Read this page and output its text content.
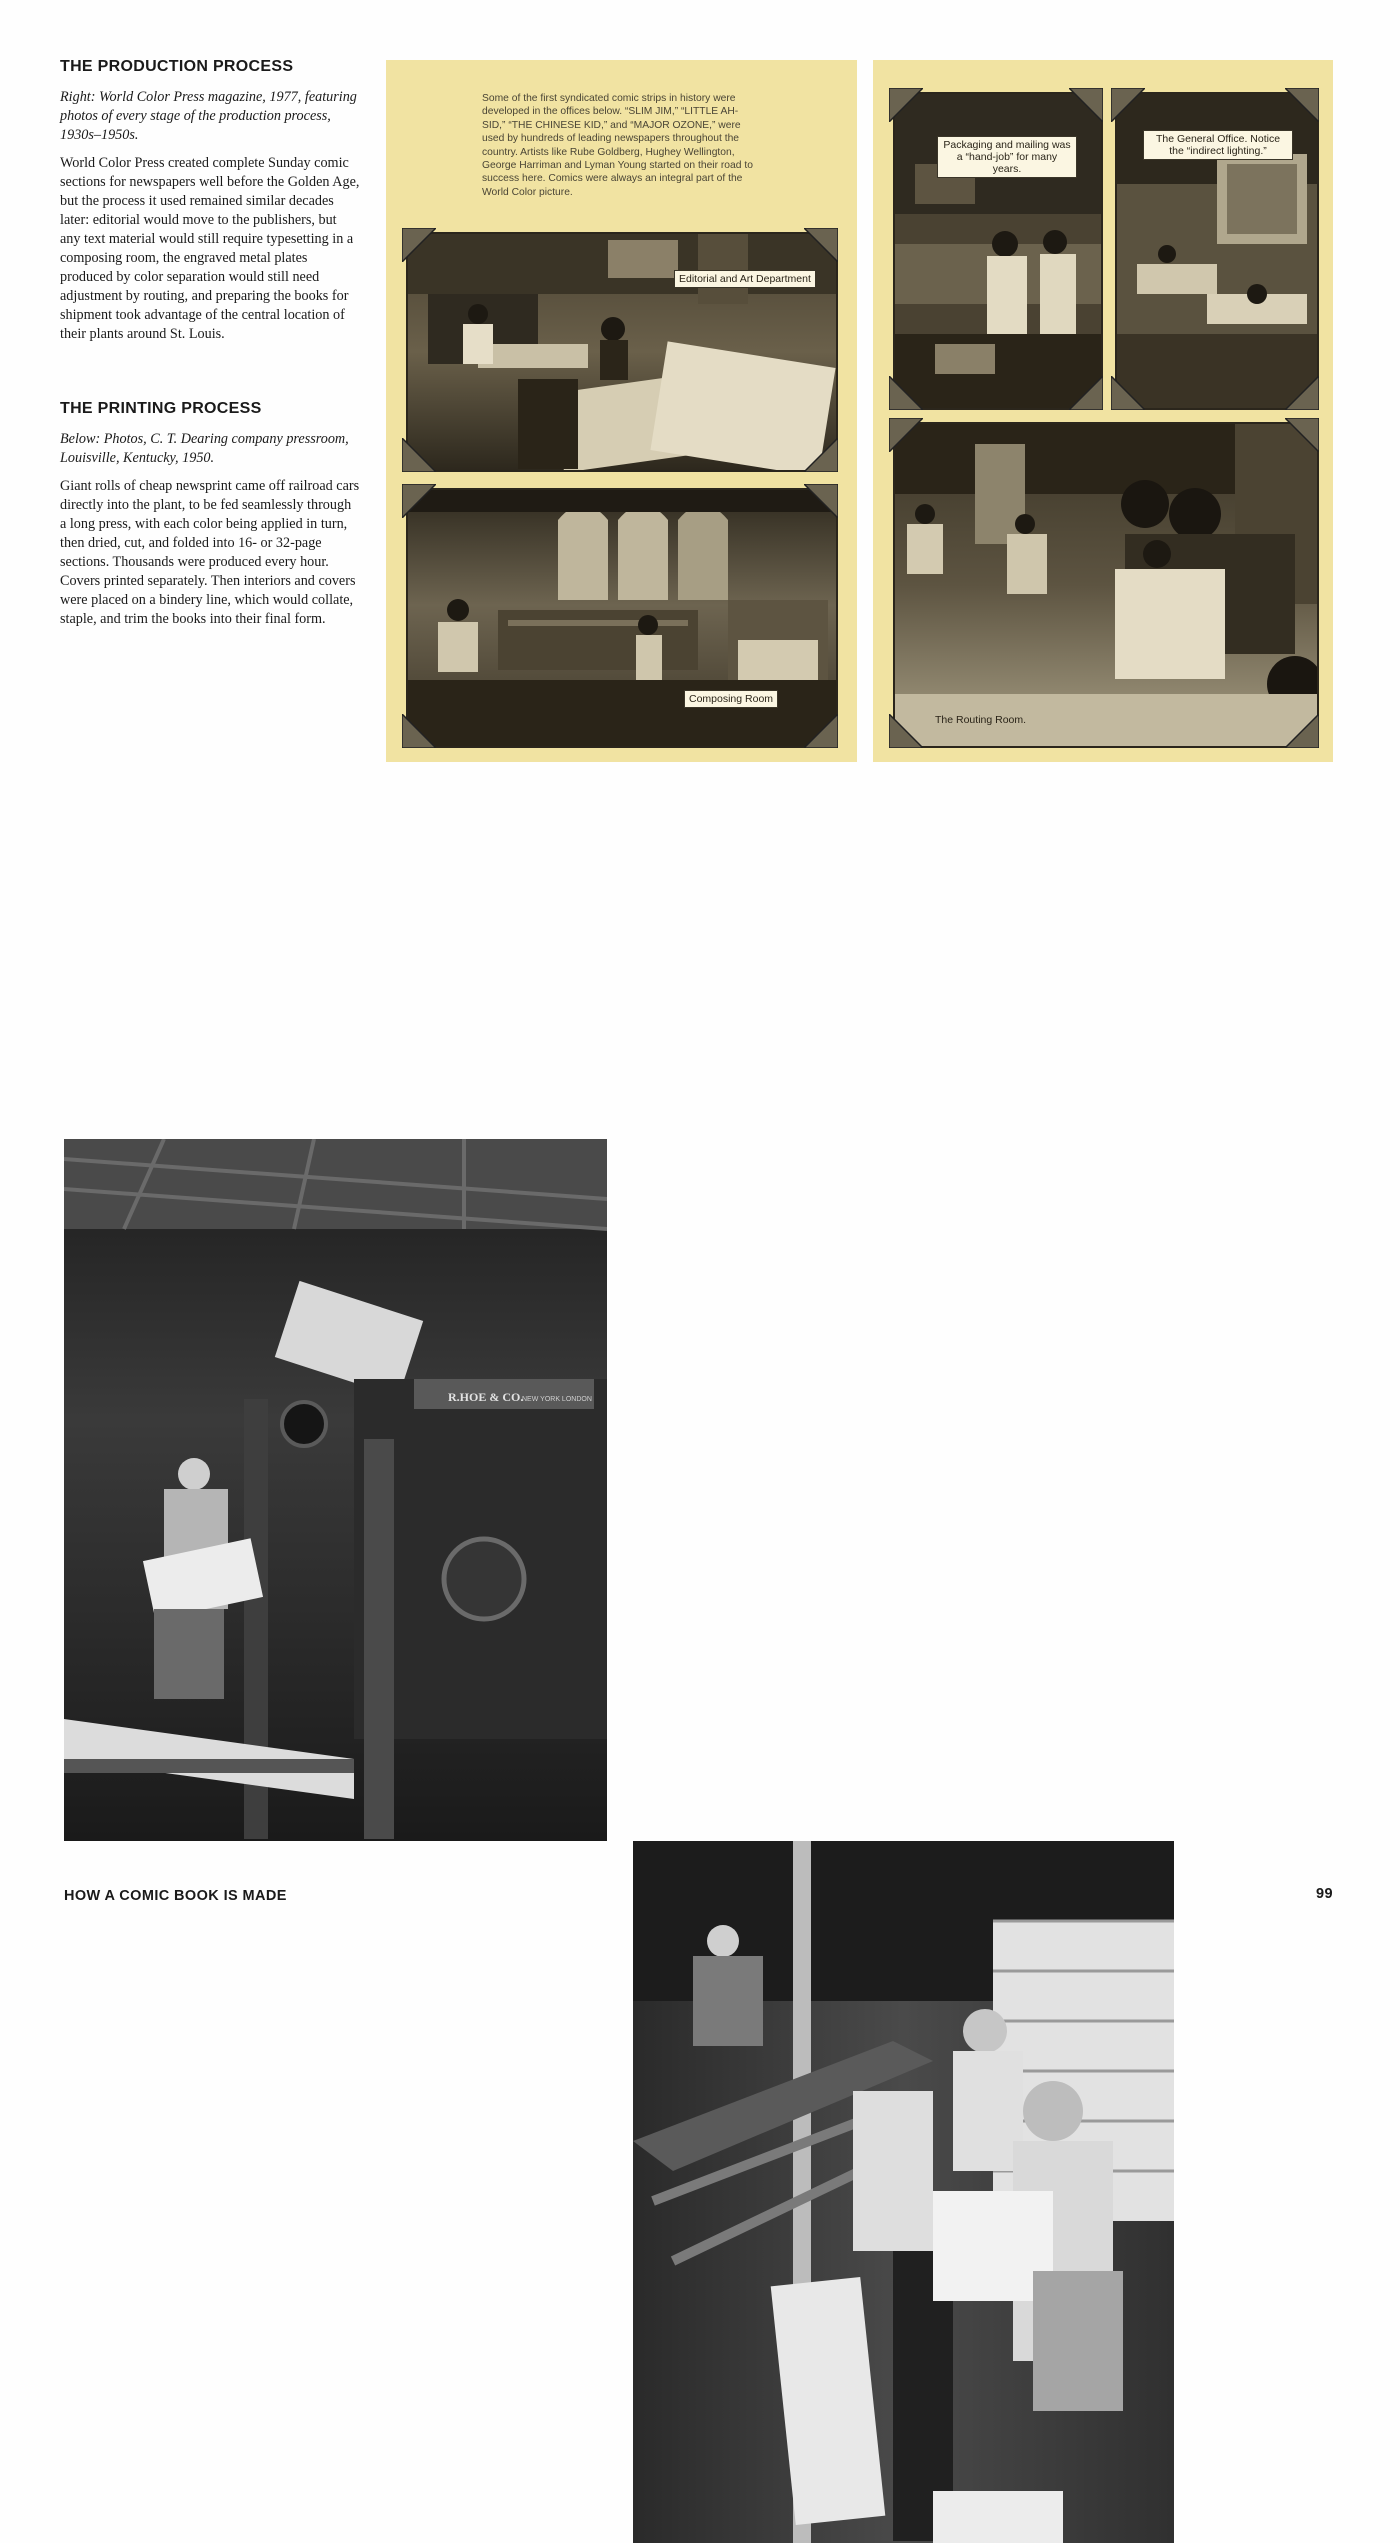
THE PRODUCTION PROCESS

Right: World Color Press magazine, 1977, featuring photos of every stage of the production process, 1930s–1950s.

World Color Press created complete Sunday comic sections for newspapers well before the Golden Age, but the process it used remained similar decades later: editorial would move to the publishers, but any text material would still require typesetting in a composing room, the engraved metal plates produced by color separation would still need adjustment by routing, and preparing the books for shipment took advantage of the central location of their plants around St. Louis.

THE PRINTING PROCESS

Below: Photos, C. T. Dearing company pressroom, Louisville, Kentucky, 1950.

Giant rolls of cheap newsprint came off railroad cars directly into the plant, to be fed seamlessly through a long press, with each color being applied in turn, then dried, cut, and folded into 16- or 32-page sections. Thousands were produced every hour. Covers printed separately. Then interiors and covers were placed on a bindery line, which would collate, staple, and trim the books into their final form.

Some of the first syndicated comic strips in history were developed in the offices below. “SLIM JIM,” “LITTLE AH-SID,” “THE CHINESE KID,” and “MAJOR OZONE,” were used by hundreds of leading newspapers throughout the country. Artists like Rube Goldberg, Hughey Wellington, George Harriman and Lyman Young started on their road to success here. Comics were always an integral part of the World Color picture.
Editorial and Art Department
Composing Room
Packaging and mailing was a “hand-job” for many years.
The General Office. Notice the “indirect lighting.”
The Routing Room.
R.HOE & CO.
NEW YORK LONDON
HOW A COMIC BOOK IS MADE	99
